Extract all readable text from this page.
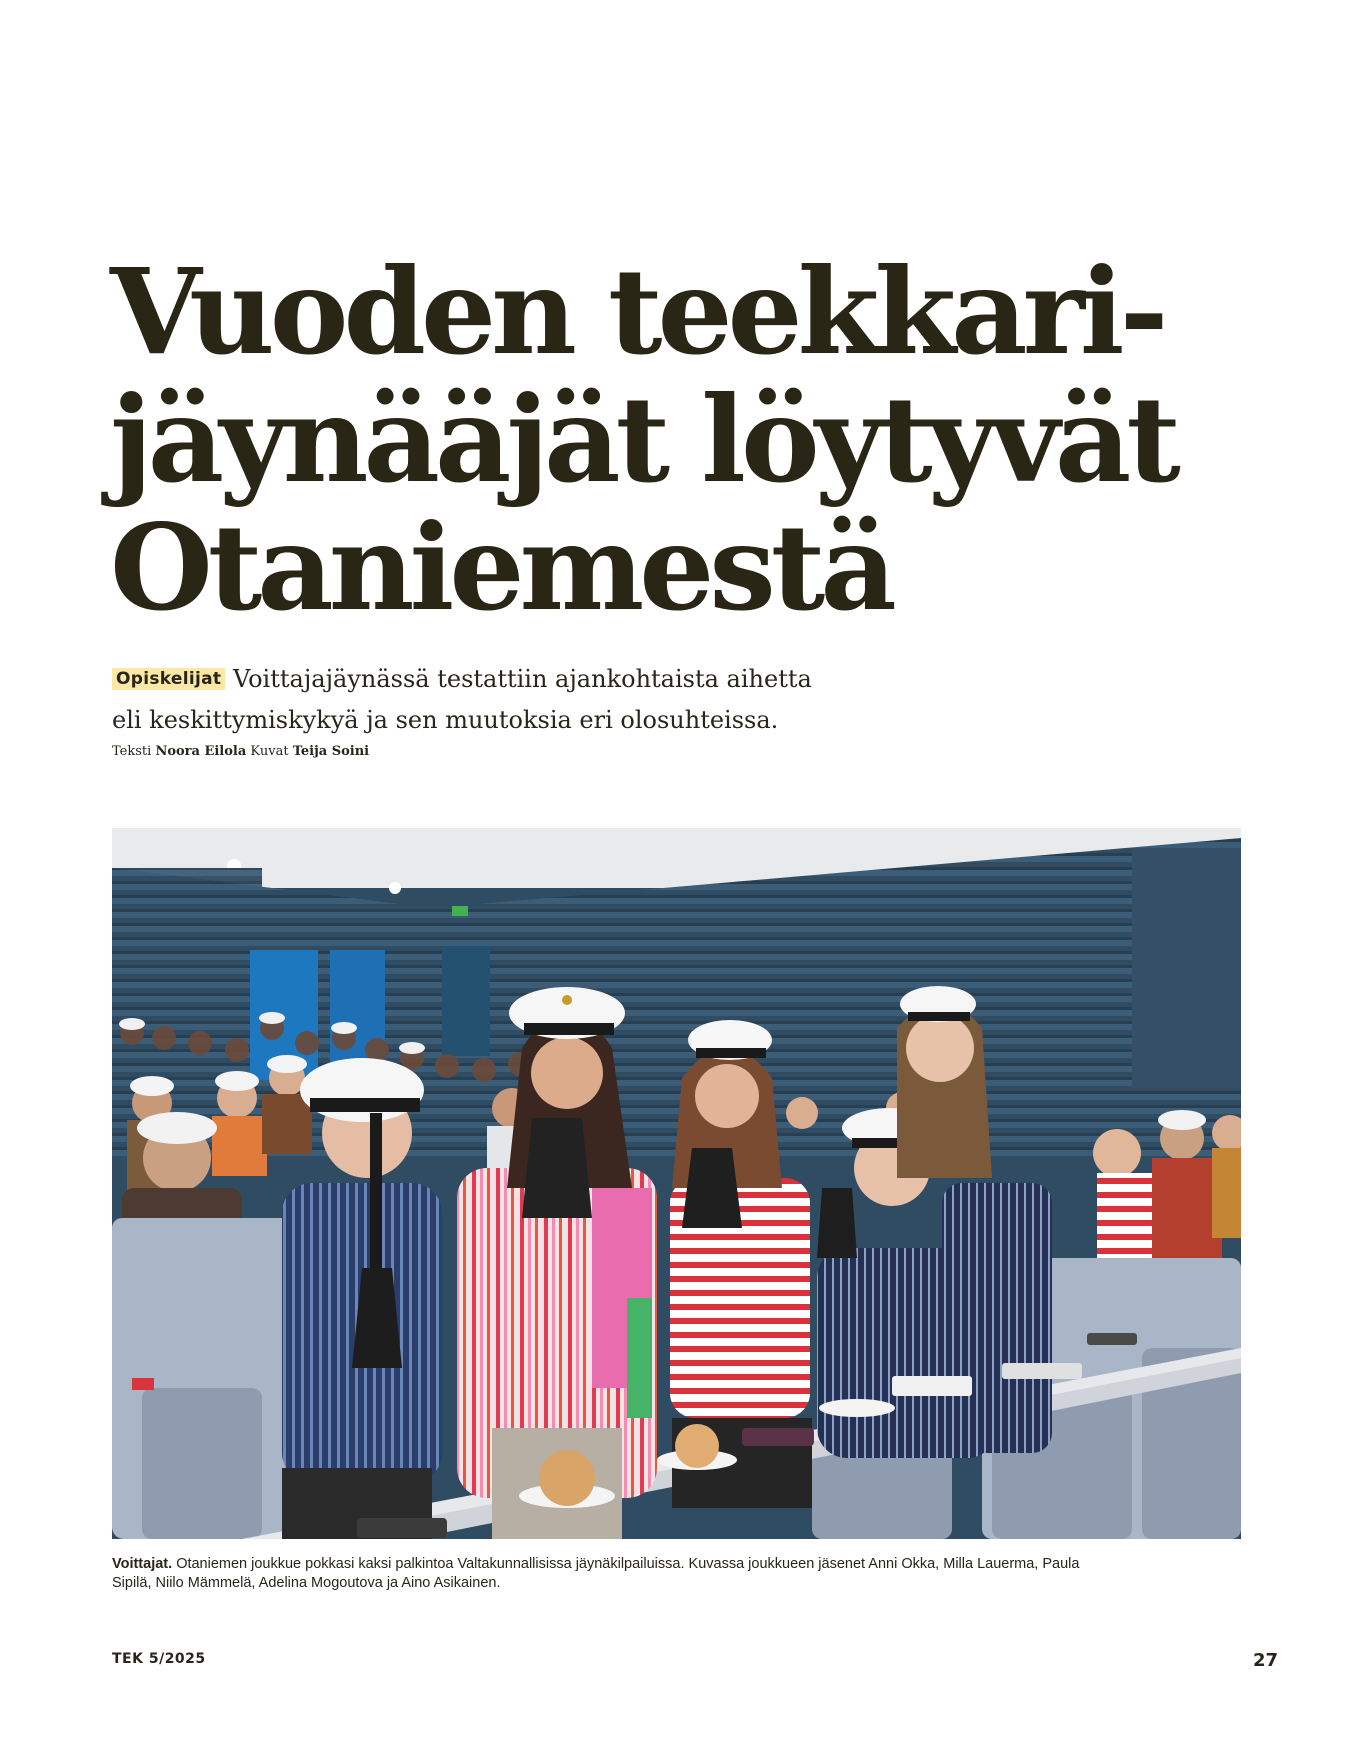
Vuoden teekkari-
jäynääjät löytyvät
Otaniemestä

Opiskelijat Voittajajäynässä testattiin ajankohtaista aihetta
eli keskittymiskykyä ja sen muutoksia eri olosuhteissa.

Teksti Noora Eilola Kuvat Teija Soini
Voittajat. Otaniemen joukkue pokkasi kaksi palkintoa Valtakunnallisissa jäynäkilpailuissa. Kuvassa joukkueen jäsenet Anni Okka, Milla Lauerma, Paula Sipilä, Niilo Mämmelä, Adelina Mogoutova ja Aino Asikainen.
TEK 5/2025	27
